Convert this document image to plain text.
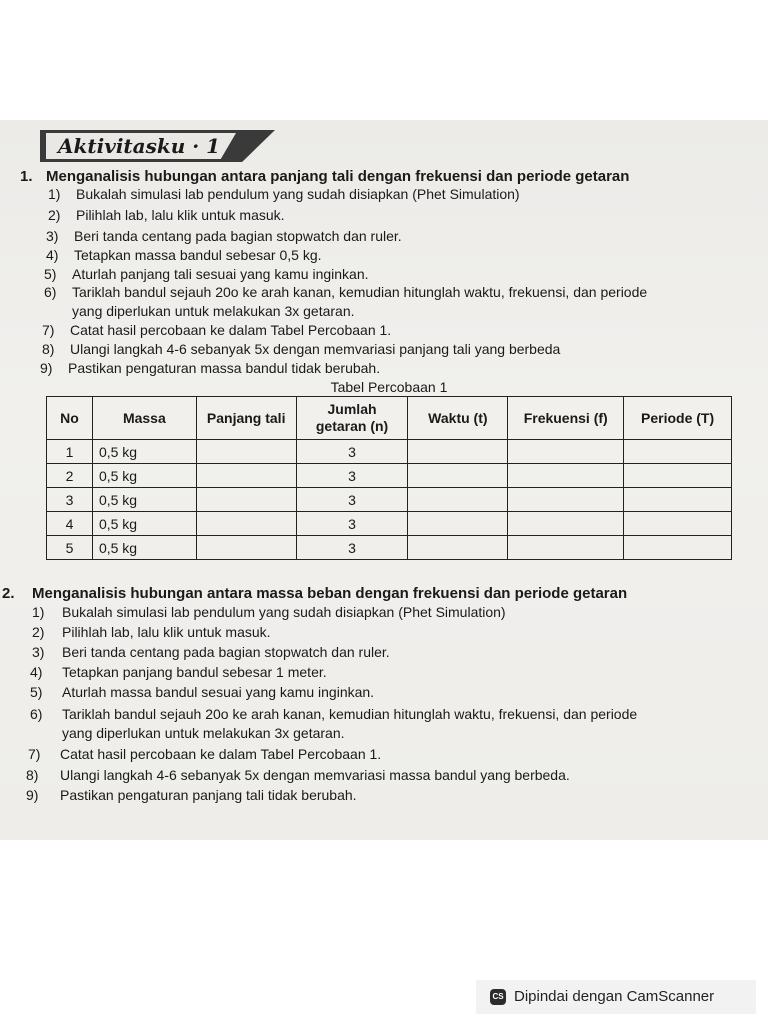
Aktivitasku · 1
1. Menganalisis hubungan antara panjang tali dengan frekuensi dan periode getaran
1) Bukalah simulasi lab pendulum yang sudah disiapkan (Phet Simulation)
2) Pilihlah lab, lalu klik untuk masuk.
3) Beri tanda centang pada bagian stopwatch dan ruler.
4) Tetapkan massa bandul sebesar 0,5 kg.
5) Aturlah panjang tali sesuai yang kamu inginkan.
6) Tariklah bandul sejauh 20o ke arah kanan, kemudian hitunglah waktu, frekuensi, dan periode
yang diperlukan untuk melakukan 3x getaran.
7) Catat hasil percobaan ke dalam Tabel Percobaan 1.
8) Ulangi langkah 4-6 sebanyak 5x dengan memvariasi panjang tali yang berbeda
9) Pastikan pengaturan massa bandul tidak berubah.
Tabel Percobaan 1
No	Massa	Panjang tali	Jumlah getaran (n)	Waktu (t)	Frekuensi (f)	Periode (T)
1	0,5 kg		3			
2	0,5 kg		3			
3	0,5 kg		3			
4	0,5 kg		3			
5	0,5 kg		3			
2. Menganalisis hubungan antara massa beban dengan frekuensi dan periode getaran
1) Bukalah simulasi lab pendulum yang sudah disiapkan (Phet Simulation)
2) Pilihlah lab, lalu klik untuk masuk.
3) Beri tanda centang pada bagian stopwatch dan ruler.
4) Tetapkan panjang bandul sebesar 1 meter.
5) Aturlah massa bandul sesuai yang kamu inginkan.
6) Tariklah bandul sejauh 20o ke arah kanan, kemudian hitunglah waktu, frekuensi, dan periode
yang diperlukan untuk melakukan 3x getaran.
7) Catat hasil percobaan ke dalam Tabel Percobaan 1.
8) Ulangi langkah 4-6 sebanyak 5x dengan memvariasi massa bandul yang berbeda.
9) Pastikan pengaturan panjang tali tidak berubah.
CS Dipindai dengan CamScanner
